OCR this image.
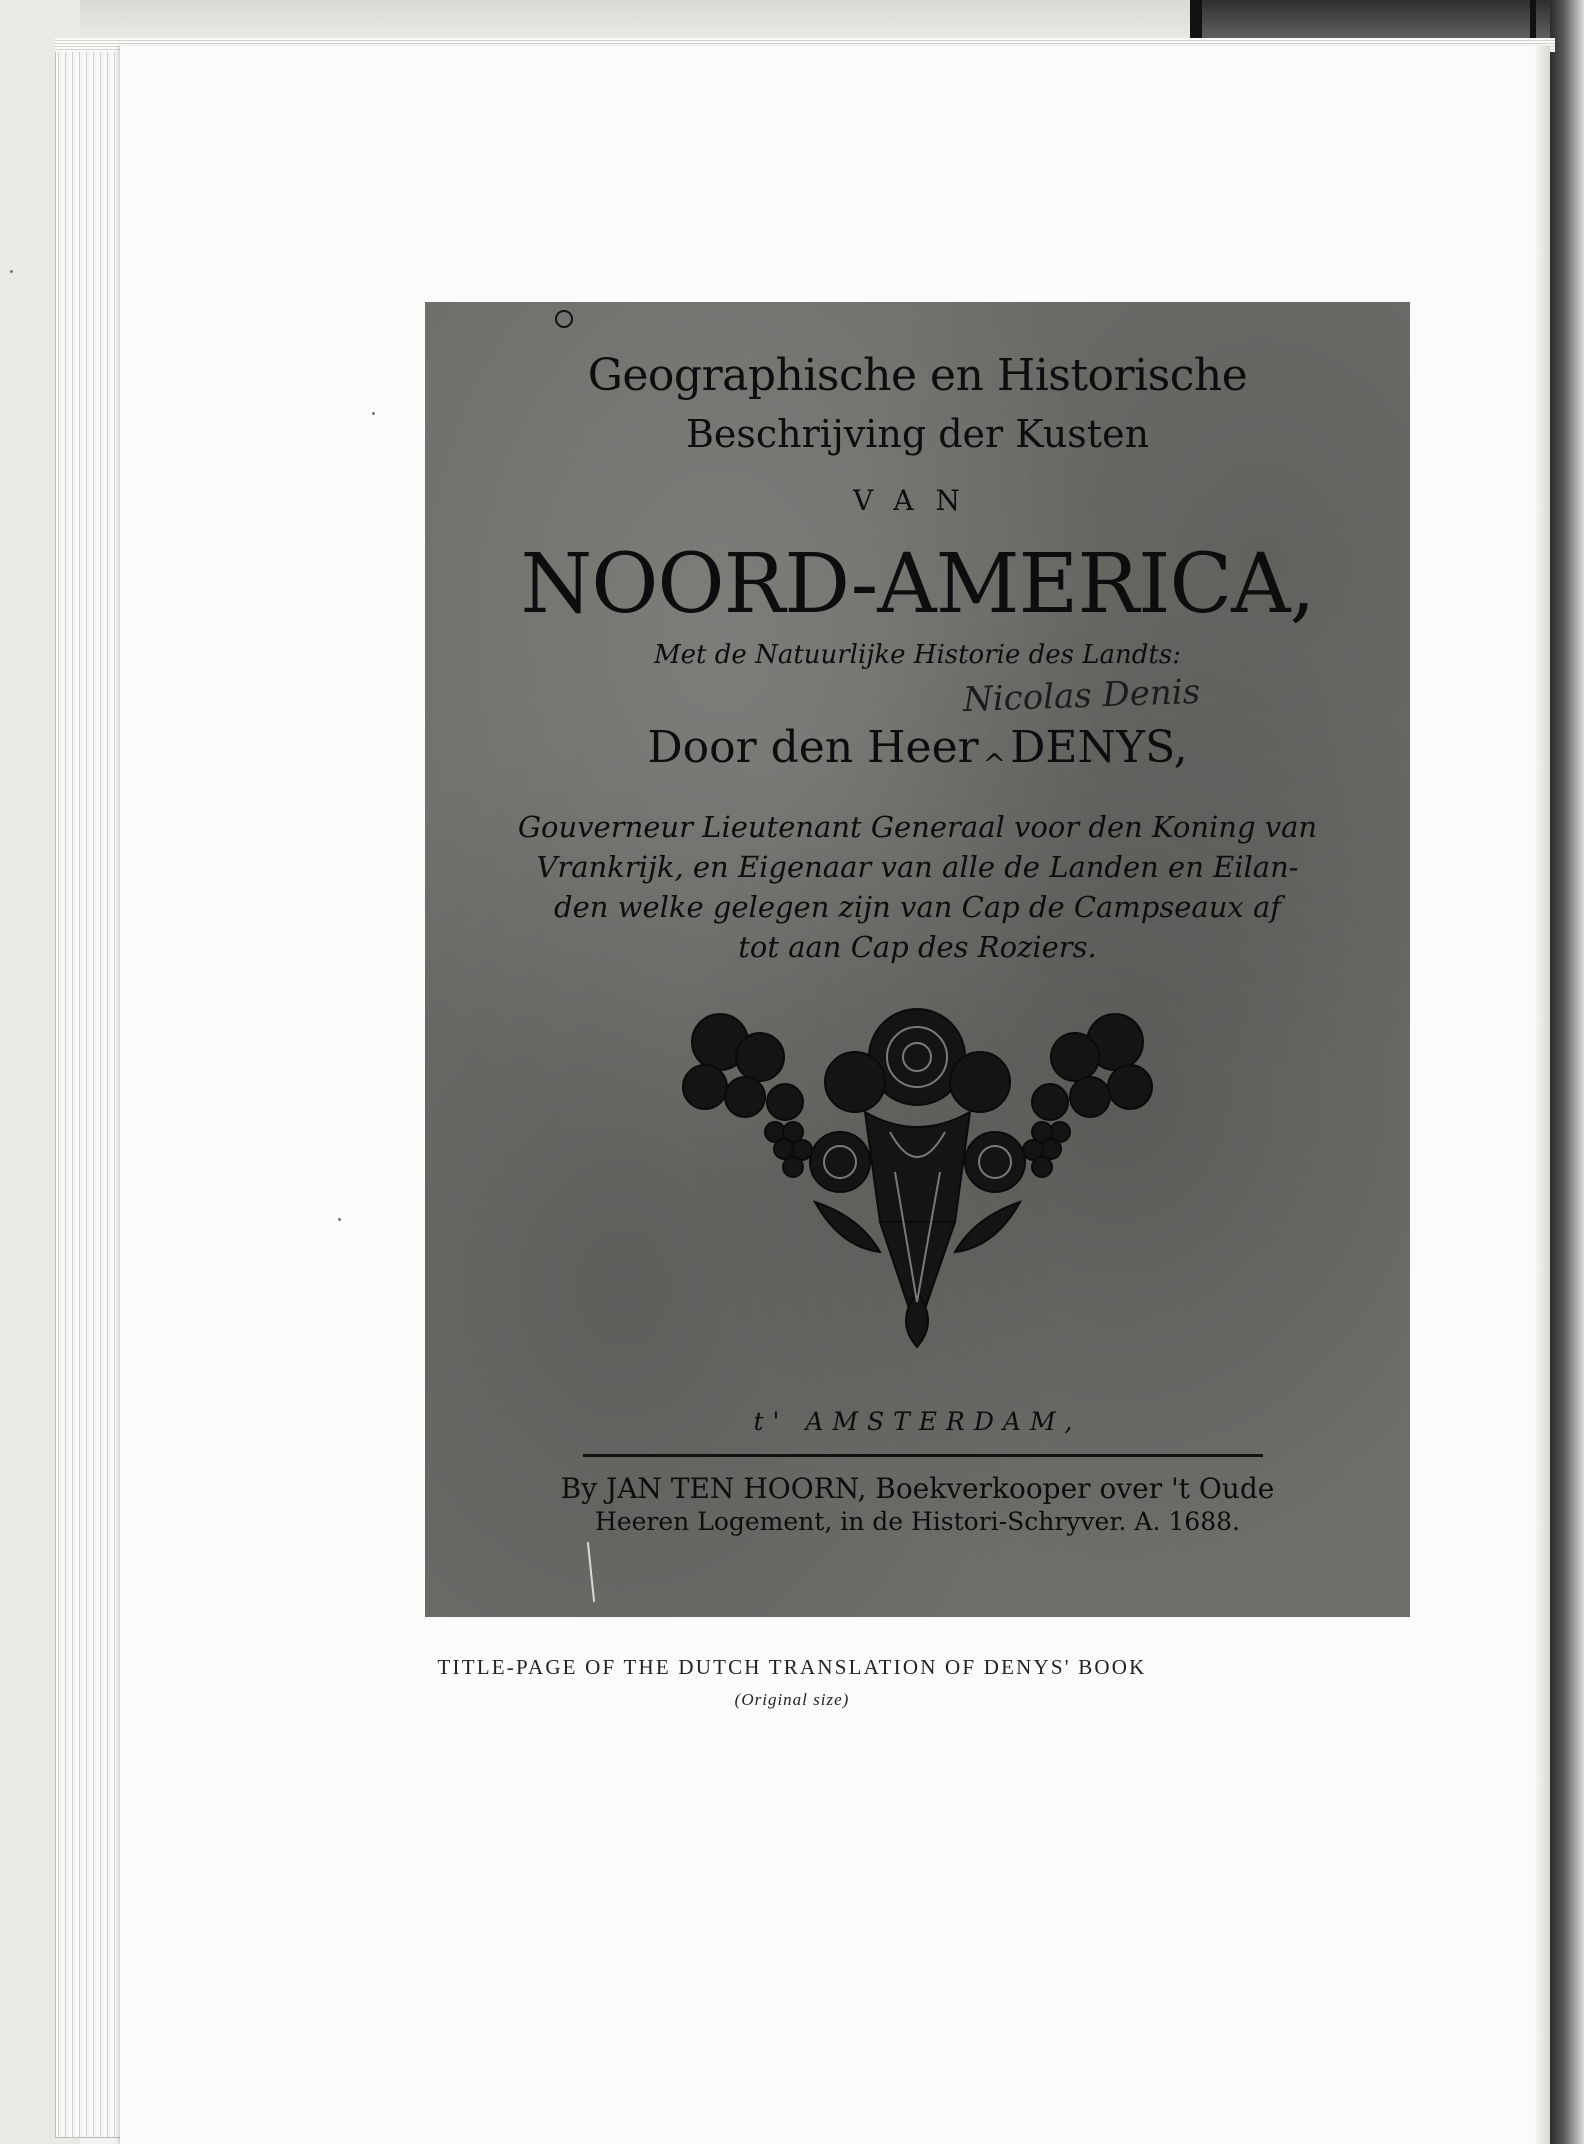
Geographische en Historische
Beschrijving der Kusten
VAN
NOORD-AMERICA,
Met de Natuurlijke Historie des Landts:
Nicolas Denis
Door den Heer $_{\^{}}$DENYS,
Gouverneur Lieutenant Generaal voor den Koning van
Vrankrijk, en Eigenaar van alle de Landen en Eilan-
den welke gelegen zijn van Cap de Campseaux af
tot aan Cap des Roziers.
t' AMSTERDAM,
By JAN TEN HOORN, Boekverkooper over 't Oude
Heeren Logement, in de Histori-Schryver. A. 1688.
TITLE-PAGE OF THE DUTCH TRANSLATION OF DENYS' BOOK
(Original size)
